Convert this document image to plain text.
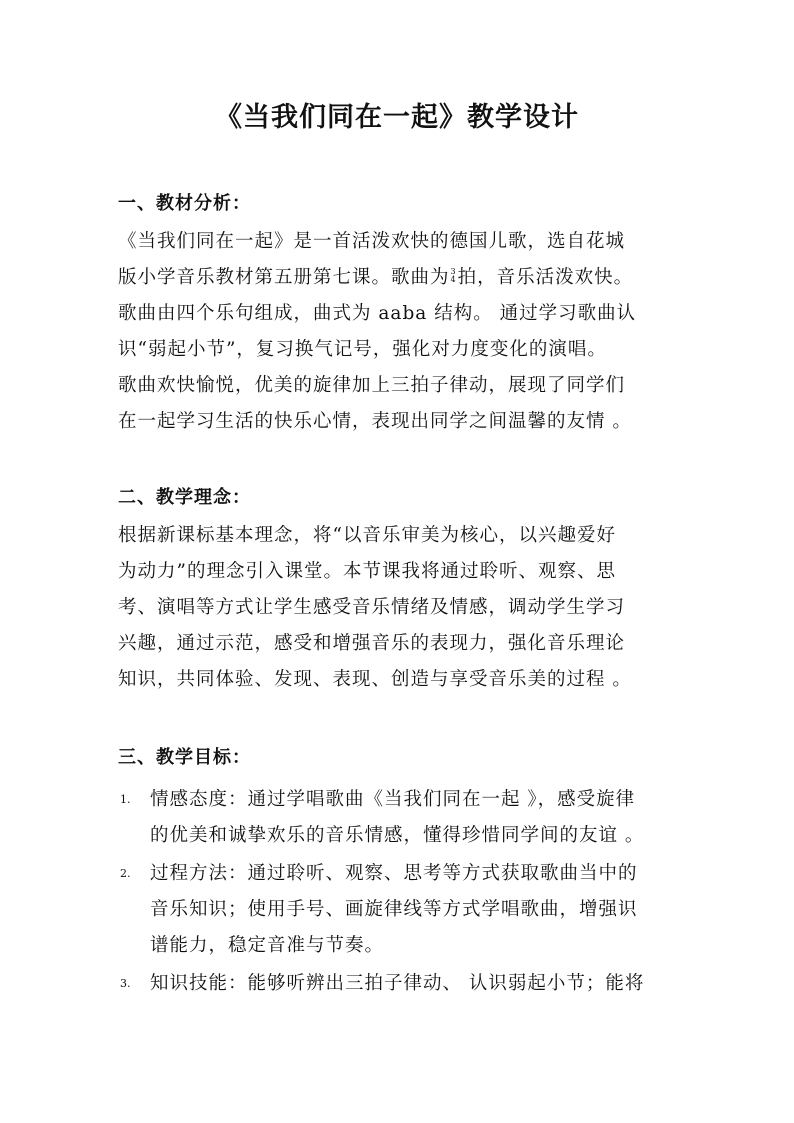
《当我们同在一起》教学设计
一、教材分析：
《当我们同在一起》是一首活泼欢快的德国儿歌，选自花城
版小学音乐教材第五册第七课。歌曲为 3
4 拍，音乐活泼欢快。
歌曲由四个乐句组成，曲式为 aaba 结构。 通过学习歌曲认
识“弱起小节”，复习换气记号，强化对力度变化的演唱。
歌曲欢快愉悦，优美的旋律加上三拍子律动，展现了同学们
在一起学习生活的快乐心情，表现出同学之间温馨的友情 。
二、教学理念：
根据新课标基本理念，将“以音乐审美为核心，以兴趣爱好
为动力”的理念引入课堂。本节课我将通过聆听、观察、思
考、演唱等方式让学生感受音乐情绪及情感，调动学生学习
兴趣，通过示范，感受和增强音乐的表现力，强化音乐理论
知识，共同体验、发现、表现、创造与享受音乐美的过程 。
三、教学目标：
1. 情感态度：通过学唱歌曲《当我们同在一起 》，感受旋律
的优美和诚挚欢乐的音乐情感，懂得珍惜同学间的友谊 。
2. 过程方法：通过聆听、观察、思考等方式获取歌曲当中的
音乐知识；使用手号、画旋律线等方式学唱歌曲，增强识
谱能力，稳定音准与节奏。
3. 知识技能：能够听辨出三拍子律动、 认识弱起小节；能将
